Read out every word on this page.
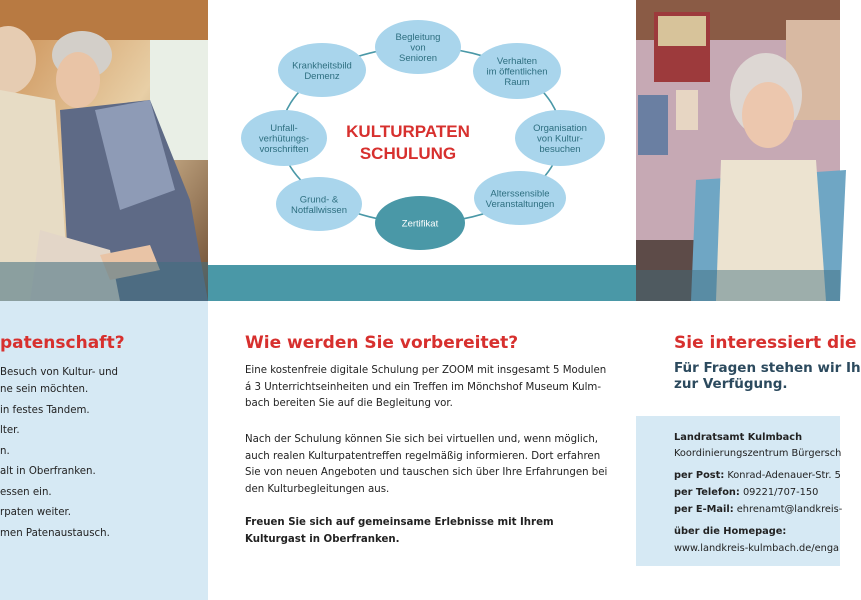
Begleitung
von
Senioren	Verhalten
im öffentlichen
Raum
Organisation
von Kultur-
besuchen
Alterssensible
Veranstaltungen
Zertifikat
Grund- &
Notfallwissen
Unfall-
verhütungs-
vorschriften
Krankheitsbild
Demenz
KULTURPATEN
SCHULUNG
patenschaft?
Besuch von Kultur- und
ne sein möchten.
in festes Tandem.
lter.
n.
alt in Oberfranken.
essen ein.
rpaten weiter.
men Patenaustausch.
Wie werden Sie vorbereitet?

Eine kostenfreie digitale Schulung per ZOOM mit insgesamt 5 Modulen

á 3 Unterrichtseinheiten und ein Treffen im Mönchshof Museum Kulm-

bach bereiten Sie auf die Begleitung vor.

Nach der Schulung können Sie sich bei virtuellen und, wenn möglich,

auch realen Kulturpatentreffen regelmäßig informieren. Dort erfahren

Sie von neuen Angeboten und tauschen sich über Ihre Erfahrungen bei

den Kulturbegleitungen aus.

Freuen Sie sich auf gemeinsame Erlebnisse mit Ihrem

Kulturgast in Oberfranken.

Sie interessiert die
Für Fragen stehen wir Ih
zur Verfügung.
Landratsamt Kulmbach
Koordinierungszentrum Bürgersch
per Post: Konrad-Adenauer-Str. 5
per Telefon: 09221/707-150
per E-Mail: ehrenamt@landkreis-
über die Homepage:
www.landkreis-kulmbach.de/enga
